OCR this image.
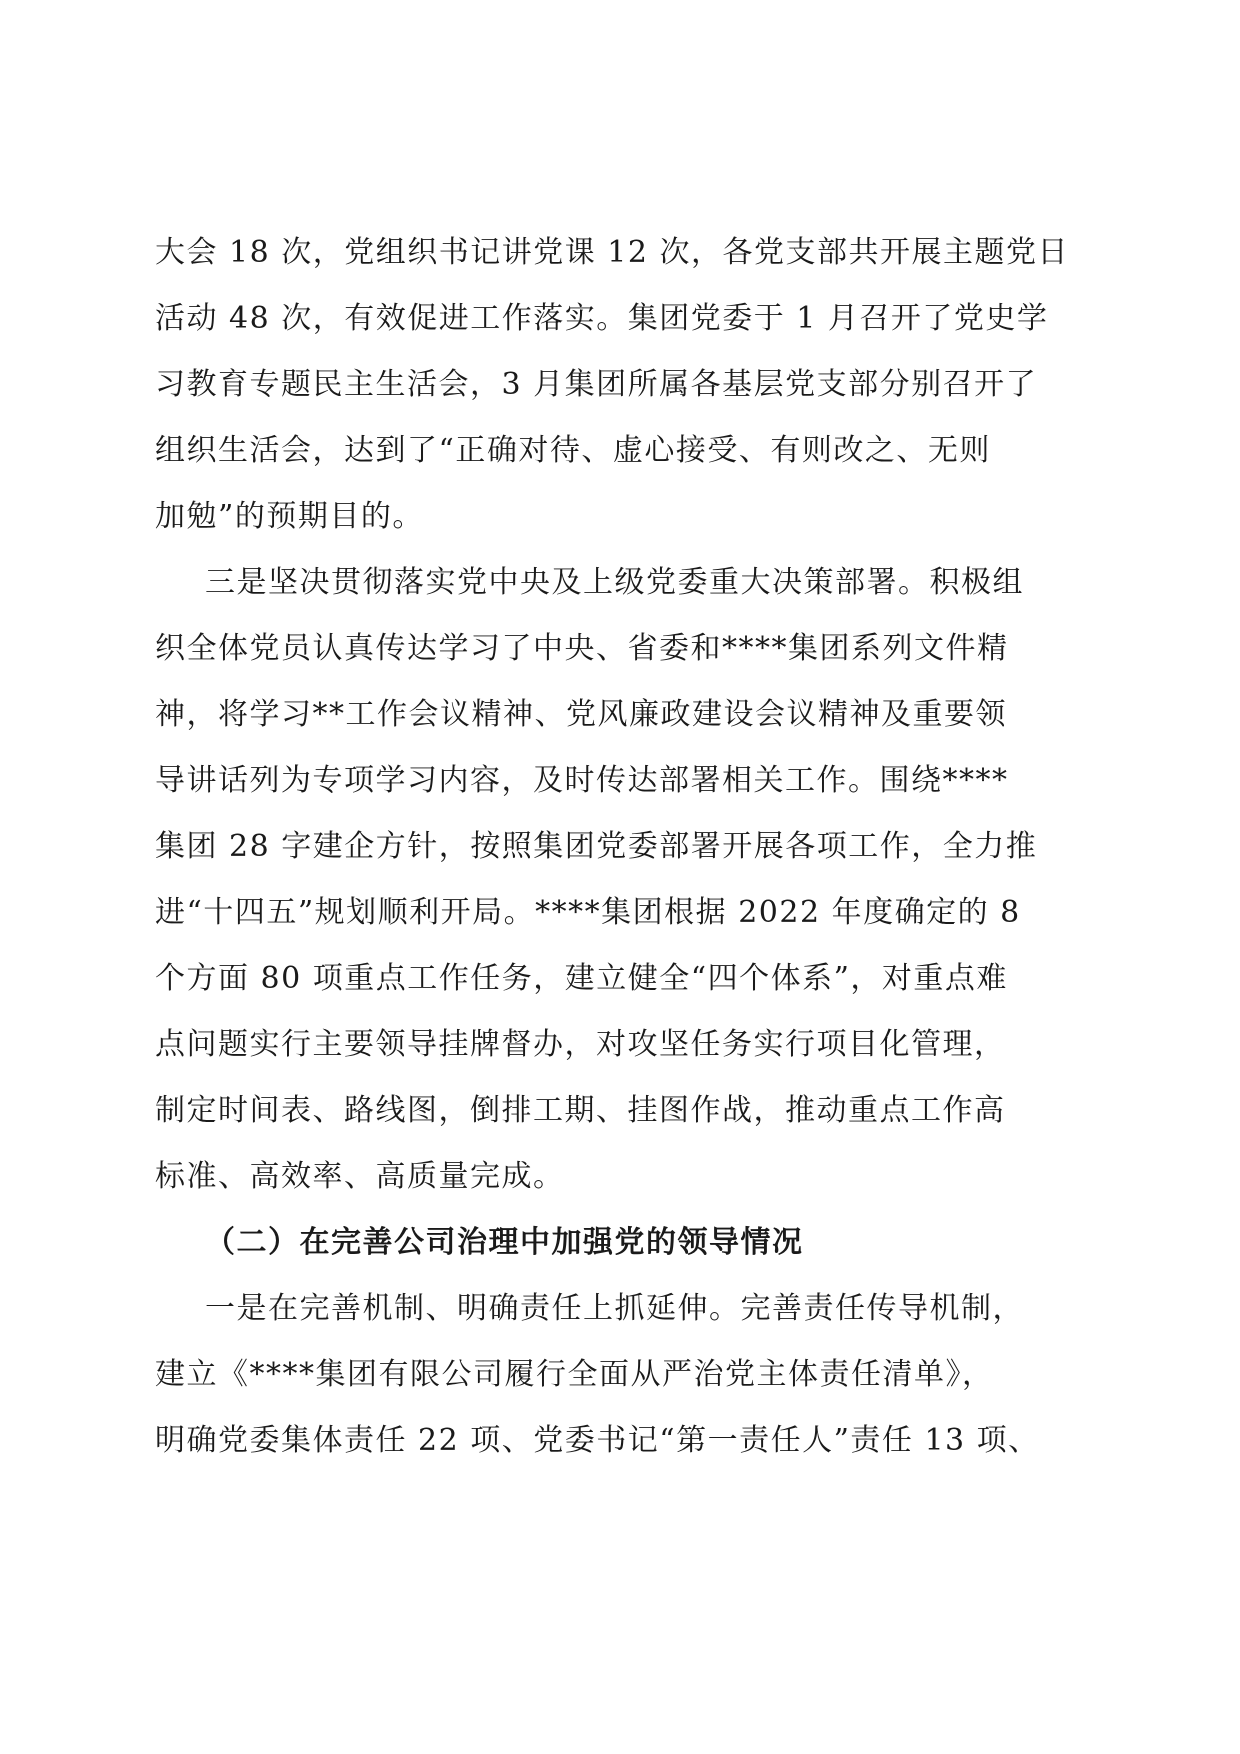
大会 18 次，党组织书记讲党课 12 次，各党支部共开展主题党日
活动 48 次，有效促进工作落实。集团党委于 1 月召开了党史学
习教育专题民主生活会，3 月集团所属各基层党支部分别召开了
组织生活会，达到了“正确对待、虚心接受、有则改之、无则
加勉”的预期目的。
三是坚决贯彻落实党中央及上级党委重大决策部署。积极组
织全体党员认真传达学习了中央、省委和****集团系列文件精
神，将学习**工作会议精神、党风廉政建设会议精神及重要领
导讲话列为专项学习内容，及时传达部署相关工作。围绕****
集团 28 字建企方针，按照集团党委部署开展各项工作，全力推
进“十四五”规划顺利开局。****集团根据 2022 年度确定的 8
个方面 80 项重点工作任务，建立健全“四个体系”，对重点难
点问题实行主要领导挂牌督办，对攻坚任务实行项目化管理，
制定时间表、路线图，倒排工期、挂图作战，推动重点工作高
标准、高效率、高质量完成。
（二）在完善公司治理中加强党的领导情况
一是在完善机制、明确责任上抓延伸。完善责任传导机制，
建立《****集团有限公司履行全面从严治党主体责任清单》，
明确党委集体责任 22 项、党委书记“第一责任人”责任 13 项、
